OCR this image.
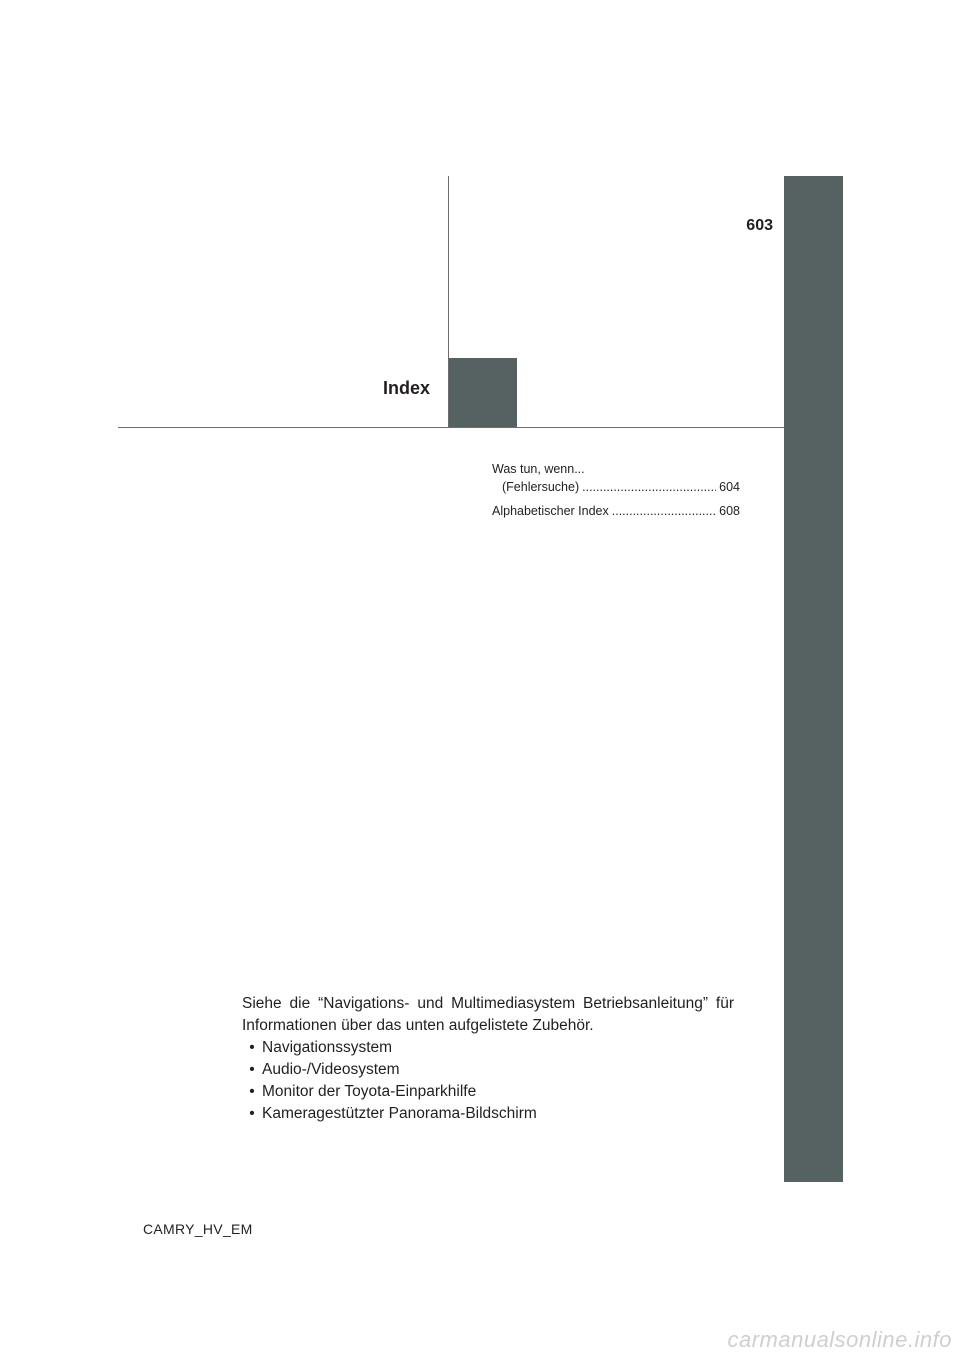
603
Index
Was tun, wenn...
(Fehlersuche) .....	604
Alphabetischer Index .....	608

Siehe die “Navigations- und Multimediasystem Betriebsanleitung” für Informationen über das unten aufgelistete Zubehör.

• Navigationssystem
• Audio-/Videosystem
• Monitor der Toyota-Einparkhilfe
• Kameragestützter Panorama-Bildschirm
CAMRY_HV_EM
carmanualsonline.info
